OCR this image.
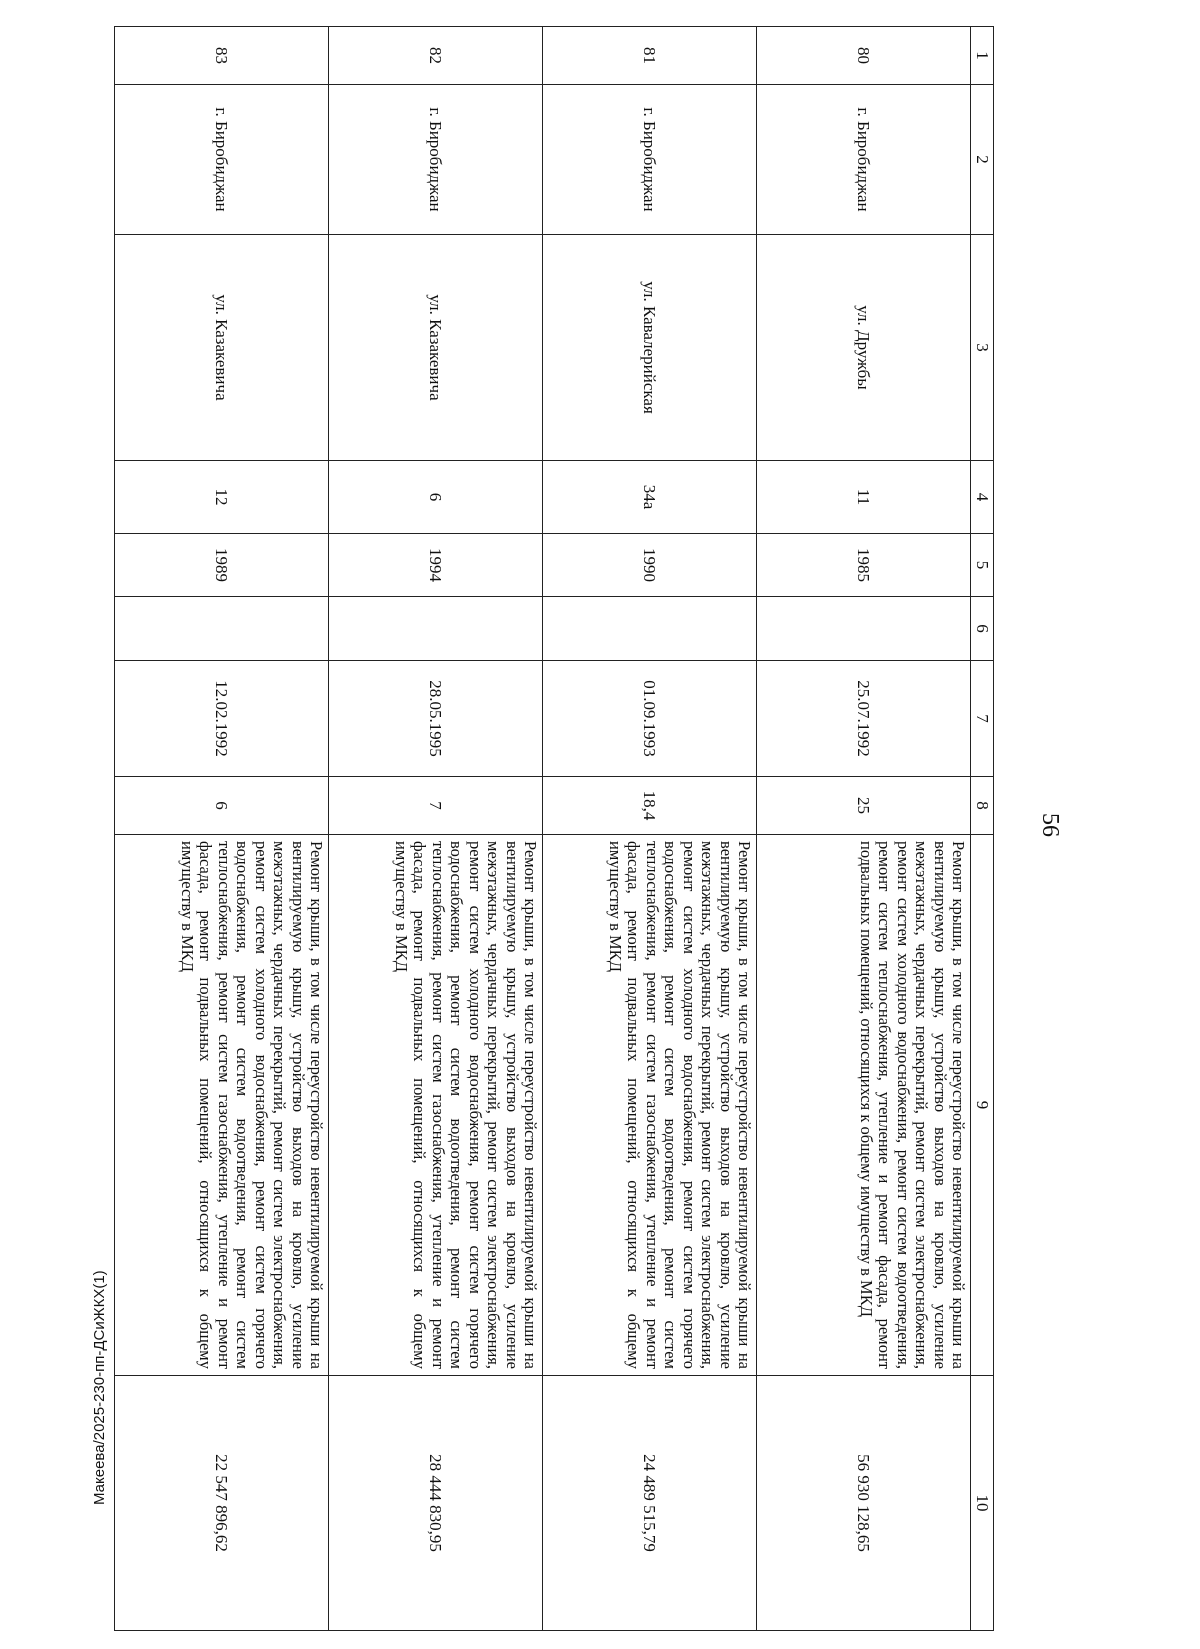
56
Макеева/2025-230-пп-ДСиЖКХ(1)
1	2	3	4	5	6	7	8	9	10
80	г. Биробиджан	ул. Дружбы	11	1985		25.07.1992	25	Ремонт крыши, в том числе переустройство невентилируемой крыши на вентилируемую крышу, устройство выходов на кровлю, усиление межэтажных, чердачных перекрытий, ремонт систем электроснабжения, ремонт систем холодного водоснабжения, ремонт систем водоотведения, ремонт систем теплоснабжения, утепление и ремонт фасада, ремонт подвальных помещений, относящихся к общему имуществу в МКД	56 930 128,65
81	г. Биробиджан	ул. Кавалерийская	34а	1990		01.09.1993	18,4	Ремонт крыши, в том числе переустройство невентилируемой крыши на вентилируемую крышу, устройство выходов на кровлю, усиление межэтажных, чердачных перекрытий, ремонт систем электроснабжения, ремонт систем холодного водоснабжения, ремонт систем горячего водоснабжения, ремонт систем водоотведения, ремонт систем теплоснабжения, ремонт систем газоснабжения, утепление и ремонт фасада, ремонт подвальных помещений, относящихся к общему имуществу в МКД	24 489 515,79
82	г. Биробиджан	ул. Казакевича	6	1994		28.05.1995	7	Ремонт крыши, в том числе переустройство невентилируемой крыши на вентилируемую крышу, устройство выходов на кровлю, усиление межэтажных, чердачных перекрытий, ремонт систем электроснабжения, ремонт систем холодного водоснабжения, ремонт систем горячего водоснабжения, ремонт систем водоотведения, ремонт систем теплоснабжения, ремонт систем газоснабжения, утепление и ремонт фасада, ремонт подвальных помещений, относящихся к общему имуществу в МКД	28 444 830,95
83	г. Биробиджан	ул. Казакевича	12	1989		12.02.1992	6	Ремонт крыши, в том числе переустройство невентилируемой крыши на вентилируемую крышу, устройство выходов на кровлю, усиление межэтажных, чердачных перекрытий, ремонт систем электроснабжения, ремонт систем холодного водоснабжения, ремонт систем горячего водоснабжения, ремонт систем водоотведения, ремонт систем теплоснабжения, ремонт систем газоснабжения, утепление и ремонт фасада, ремонт подвальных помещений, относящихся к общему имуществу в МКД	22 547 896,62
